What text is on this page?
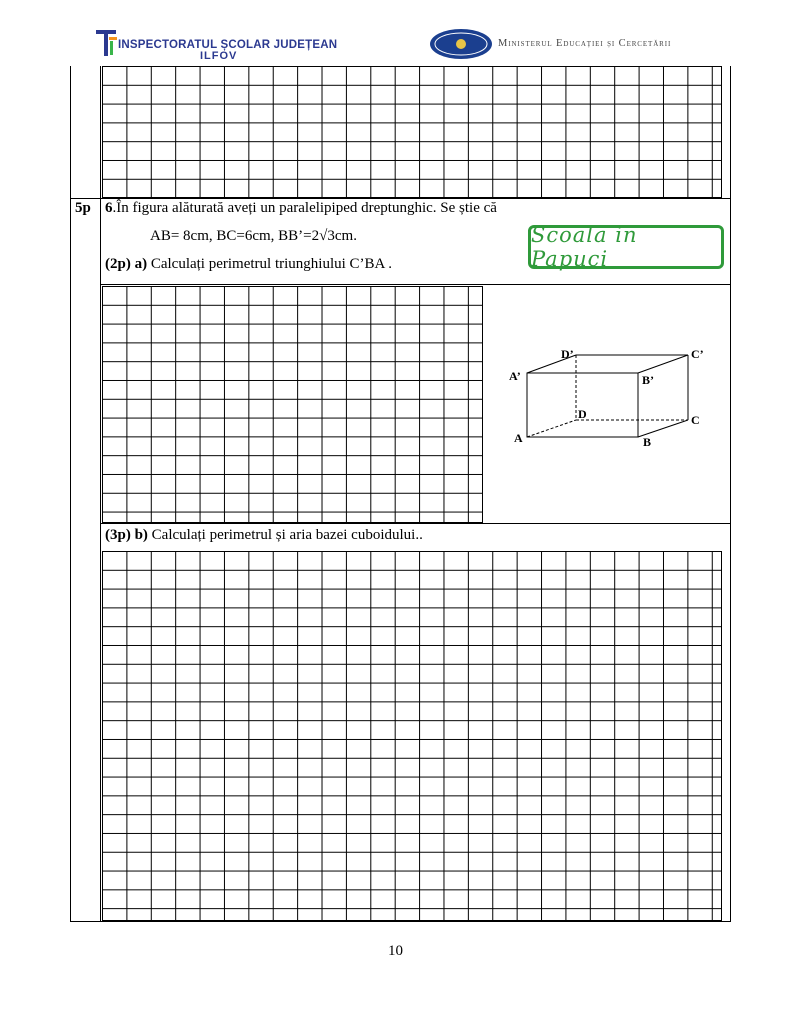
INSPECTORATUL ȘCOLAR JUDEȚEAN
ILFOV
Ministerul Educației și Cercetării
5p 6.În figura alăturată aveți un paralelipiped dreptunghic. Se știe că
AB= 8cm, BC=6cm, BB’=2√3cm.
(2p) a) Calculați perimetrul triunghiului C’BA .
(3p) b) Calculați perimetrul și aria bazei cuboidului..
Scoala in Papuci
D’	C’
A’	B’
D	C
A	B
10
